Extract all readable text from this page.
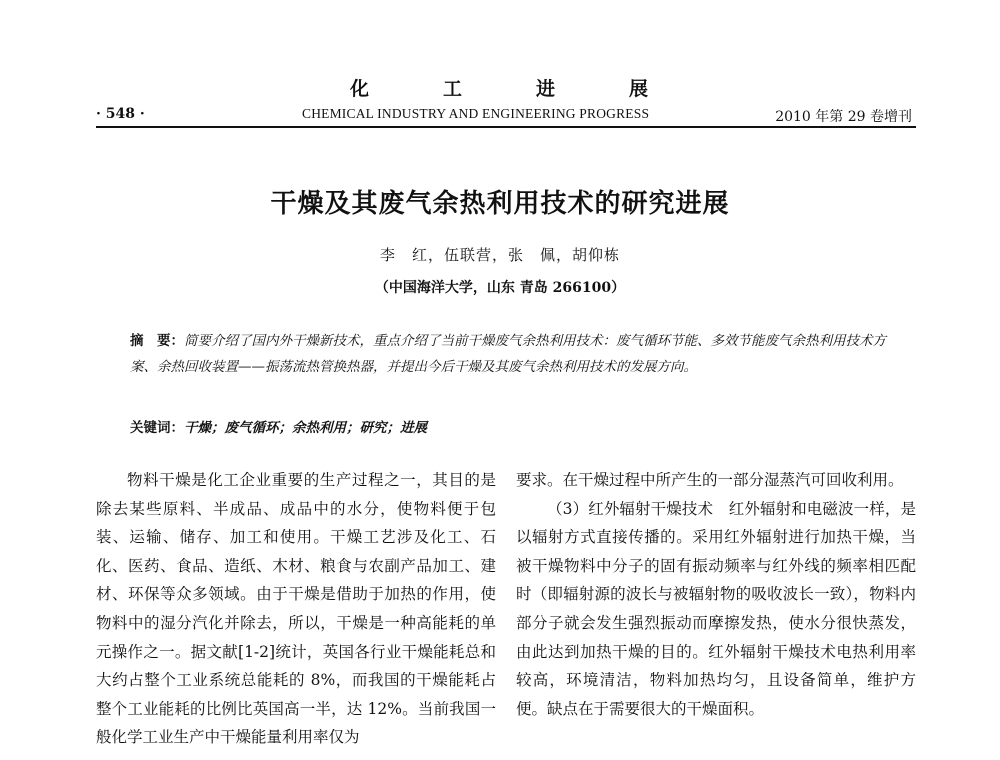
化	工	进	展
· 548 ·	CHEMICAL INDUSTRY AND ENGINEERING PROGRESS	2010 年第 29 卷增刊
干燥及其废气余热利用技术的研究进展
李　红，伍联营，张　佩，胡仰栋
（中国海洋大学，山东 青岛 266100）
摘　要：简要介绍了国内外干燥新技术，重点介绍了当前干燥废气余热利用技术：废气循环节能、多效节能废气余热利用技术方案、余热回收装置——振荡流热管换热器，并提出今后干燥及其废气余热利用技术的发展方向。
关键词：干燥；废气循环；余热利用；研究；进展

物料干燥是化工企业重要的生产过程之一，其目的是除去某些原料、半成品、成品中的水分，使物料便于包装、运输、储存、加工和使用。干燥工艺涉及化工、石化、医药、食品、造纸、木材、粮食与农副产品加工、建材、环保等众多领域。由于干燥是借助于加热的作用，使物料中的湿分汽化并除去，所以，干燥是一种高能耗的单元操作之一。据文献[1-2]统计，英国各行业干燥能耗总和大约占整个工业系统总能耗的 8%，而我国的干燥能耗占整个工业能耗的比例比英国高一半，达 12%。当前我国一般化学工业生产中干燥能量利用率仅为

要求。在干燥过程中所产生的一部分湿蒸汽可回收利用。

（3）红外辐射干燥技术　红外辐射和电磁波一样，是以辐射方式直接传播的。采用红外辐射进行加热干燥，当被干燥物料中分子的固有振动频率与红外线的频率相匹配时（即辐射源的波长与被辐射物的吸收波长一致），物料内部分子就会发生强烈振动而摩擦发热，使水分很快蒸发，由此达到加热干燥的目的。红外辐射干燥技术电热利用率较高，环境清洁，物料加热均匀，且设备简单，维护方便。缺点在于需要很大的干燥面积。
